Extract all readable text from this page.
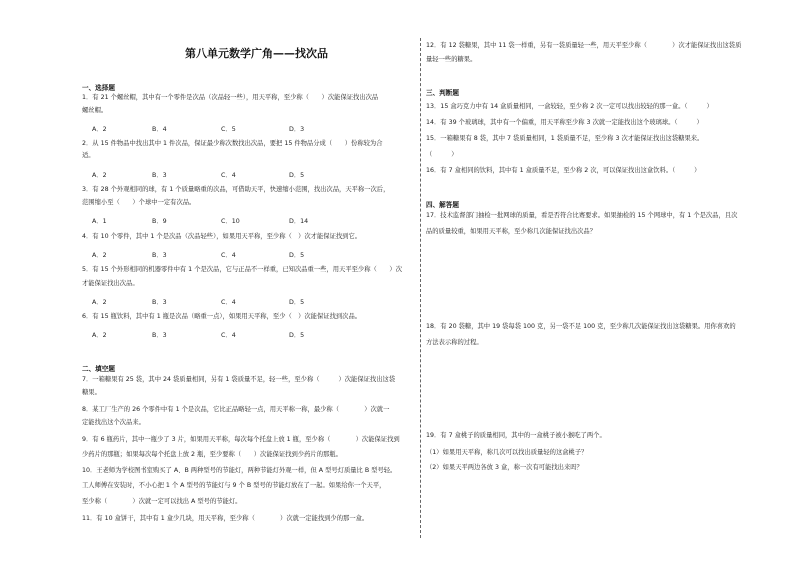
第八单元数学广角——找次品
一、选择题
1．有 21 个螺丝帽，其中有一个零件是次品（次品轻一些），用天平称，至少称（　　）次能保证找出次品
螺丝帽。
A．2	B．4	C．5	D．3
2．从 15 件物品中找出其中 1 件次品，保证最少称次数找出次品，要把 15 件物品分成（　　）份称较为合
适。
A．2	B．3	C．4	D．5
3．有 28 个外观相同的球，有 1 个质量略重的次品，可借助天平，快速缩小范围，找出次品，天平称一次后，
范围缩小至（　　）个球中一定有次品。
A．1	B．9	C．10	D．14
4．有 10 个零件，其中 1 个是次品（次品轻些），如果用天平称，至少称（　）次才能保证找到它。
A．2	B．3	C．4	D．5
5．有 15 个外形相同的机器零件中有 1 个是次品，它与正品不一样重，已知次品重一些，用天平至少称（　　）次
才能保证找出次品。
A．2	B．3	C．4	D．5
6．有 15 瓶饮料，其中有 1 瓶是次品（略重一点），如果用天平称，至少（　）次能保证找到次品。
A．2	B．3	C．4	D．5
二、填空题
7．一箱糖果有 25 袋，其中 24 袋质量相同，另有 1 袋质量不足，轻一些，至少称（　　　）次能保证找出这袋
糖果。
8．某工厂生产的 26 个零件中有 1 个是次品，它比正品略轻一点，用天平称一称，最少称（　　　　）次就一
定能找出这个次品来。
9．有 6 瓶药片，其中一瓶少了 3 片，如果用天平称，每次每个托盘上放 1 瓶，至少称（　　　　）次能保证找到
少药片的那瓶；如果每次每个托盘上放 2 瓶，至少要称（　　）次能保证找到少药片的那瓶。
10．王老师为学校图书室购买了 A、B 两种型号的节能灯，两种节能灯外观一样，但 A 型号灯质量比 B 型号轻。
工人师傅在安装时，不小心把 1 个 A 型号的节能灯与 9 个 B 型号的节能灯放在了一起。如果给你一个天平，
至少称（　　　　）次就一定可以找出 A 型号的节能灯。
11．有 10 盒饼干，其中有 1 盒少几块，用天平称，至少称（　　　　）次就一定能找到少的那一盒。
12．有 12 袋糖果，其中 11 袋一样重，另有一袋质量轻一些，用天平至少称（　　　　）次才能保证找出这袋质
量轻一些的糖果。
三、判断题
13．15 盒巧克力中有 14 盒质量相同，一盒较轻，至少称 2 次一定可以找出较轻的那一盒。（　　　）
14．有 39 个玻璃球，其中有一个偏重，用天平称至少称 3 次就一定能找出这个玻璃球。（　　　）
15．一箱糖果有 8 袋，其中 7 袋质量相同，1 袋质量不足，至少称 3 次才能保证找出这袋糖果来。
（　　　）
16．有 7 盒相同的饮料，其中有 1 盒质量不足，至少称 2 次，可以保证找出这盒饮料。（　　　）
四、解答题
17．技术监督部门抽检一批网球的质量，看是否符合比赛要求。如果抽检的 15 个网球中，有 1 个是次品，且次
品的质量较重，如果用天平称，至少称几次能保证找出次品？
18．有 20 袋糖，其中 19 袋每袋 100 克，另一袋不足 100 克，至少称几次能保证找出这袋糖果。用你喜欢的
方法表示称的过程。
19．有 7 盒桃子的质量相同，其中的一盒桃子被小猴吃了两个。
（1）如果用天平称，称几次可以找出质量轻的这盒桃子？
（2）如果天平两边各放 3 盒，称一次有可能找出来吗？
